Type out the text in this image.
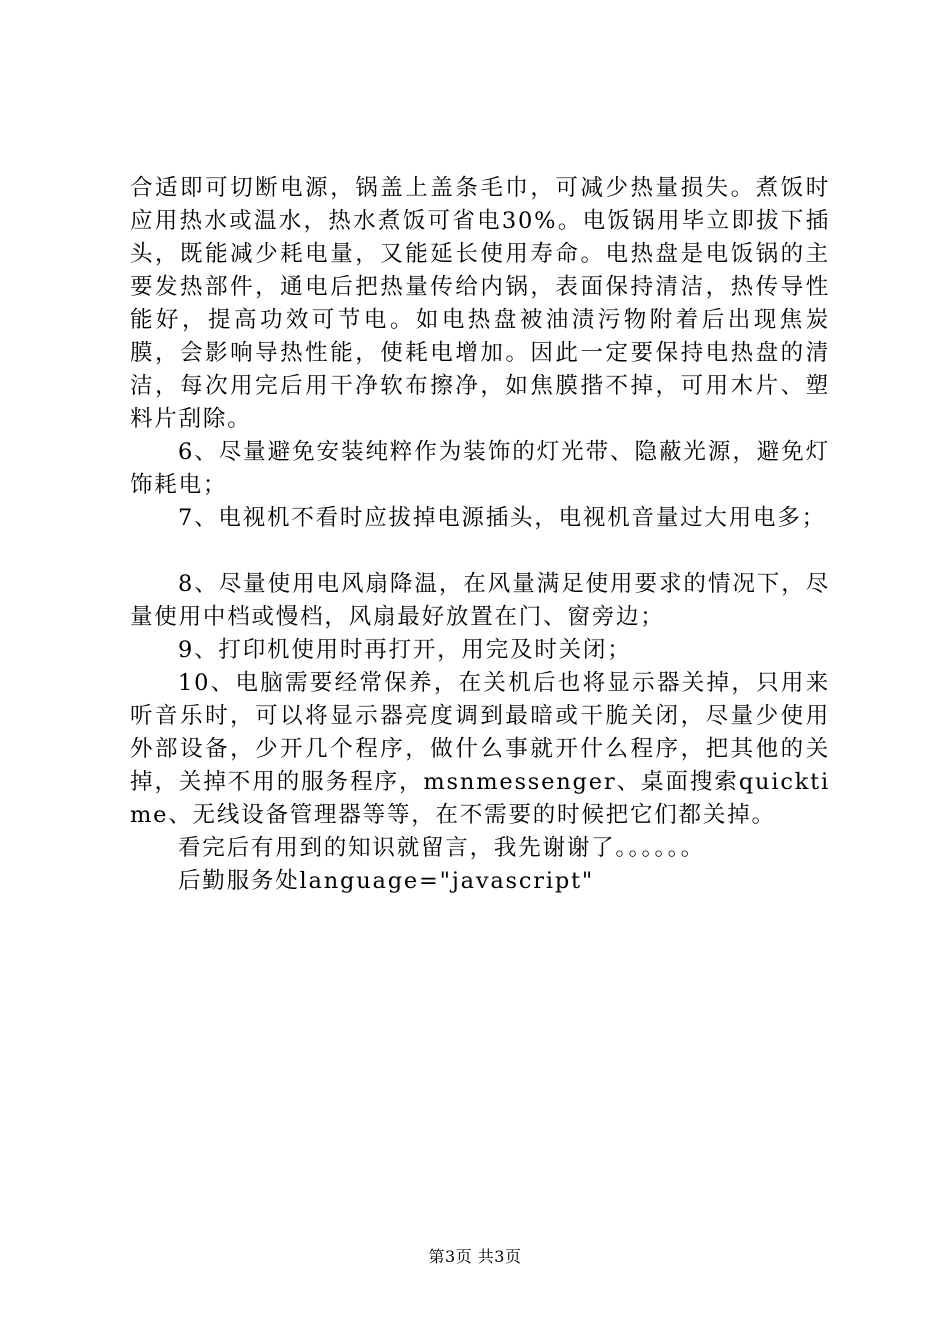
合适即可切断电源，锅盖上盖条毛巾，可减少热量损失。煮饭时应用热水或温水，热水煮饭可省电30%。电饭锅用毕立即拔下插头，既能减少耗电量，又能延长使用寿命。电热盘是电饭锅的主要发热部件，通电后把热量传给内锅，表面保持清洁，热传导性能好，提高功效可节电。如电热盘被油渍污物附着后出现焦炭膜，会影响导热性能，使耗电增加。因此一定要保持电热盘的清洁，每次用完后用干净软布擦净，如焦膜揩不掉，可用木片、塑料片刮除。

6、尽量避免安装纯粹作为装饰的灯光带、隐蔽光源，避免灯饰耗电；

7、电视机不看时应拔掉电源插头，电视机音量过大用电多；

8、尽量使用电风扇降温，在风量满足使用要求的情况下，尽量使用中档或慢档，风扇最好放置在门、窗旁边；

9、打印机使用时再打开，用完及时关闭；

10、电脑需要经常保养，在关机后也将显示器关掉，只用来听音乐时，可以将显示器亮度调到最暗或干脆关闭，尽量少使用外部设备，少开几个程序，做什么事就开什么程序，把其他的关掉，关掉不用的服务程序，msnmessenger、桌面搜索quicktime、无线设备管理器等等，在不需要的时候把它们都关掉。

看完后有用到的知识就留言，我先谢谢了。。。。。。

后勤服务处language="javascript"

第3页 共3页
